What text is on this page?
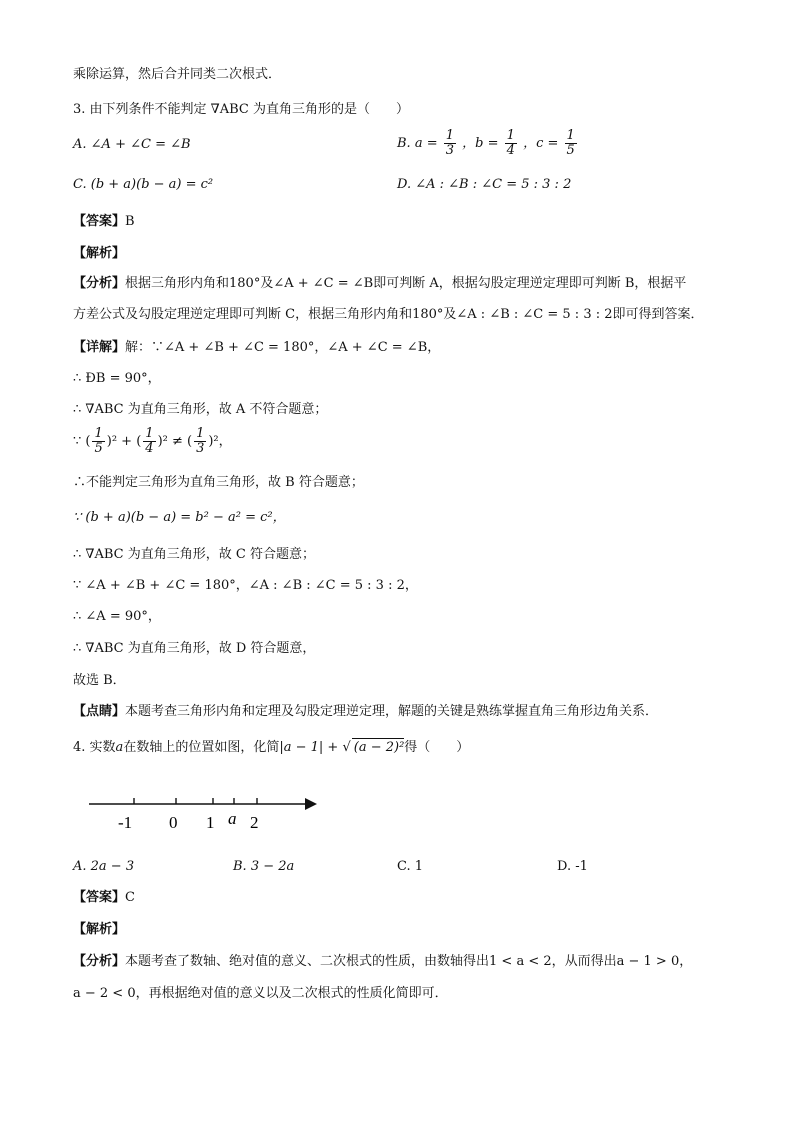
乘除运算，然后合并同类二次根式．
3. 由下列条件不能判定 ∇ABC 为直角三角形的是（　　）
A. ∠A + ∠C = ∠B	B. $a = \frac{1}{3}$ ，$b = \frac{1}{4}$ ，$c = \frac{1}{5}$
C. (b + a)(b − a) = c²	D. ∠A : ∠B : ∠C = 5 : 3 : 2
【答案】B
【解析】
【分析】根据三角形内角和180°及∠A + ∠C = ∠B即可判断 A，根据勾股定理逆定理即可判断 B，根据平
方差公式及勾股定理逆定理即可判断 C，根据三角形内角和180°及∠A : ∠B : ∠C = 5 : 3 : 2即可得到答案．
【详解】解：∵∠A + ∠B + ∠C = 180°，∠A + ∠C = ∠B，
∴ ÐB = 90°，
∴ ∇ABC 为直角三角形，故 A 不符合题意；
∵ ( $\frac{1}{5} )^2$ + ( $\frac{1}{4} )^2$ ≠ ( $\frac{1}{3} )^2$，
∴不能判定三角形为直角三角形，故 B 符合题意；
∵ (b + a)(b − a) = b² − a² = c²，
∴ ∇ABC 为直角三角形，故 C 符合题意；
∵ ∠A + ∠B + ∠C = 180°，∠A : ∠B : ∠C = 5 : 3 : 2，
∴ ∠A = 90°，
∴ ∇ABC 为直角三角形，故 D 符合题意，
故选 B．
【点睛】本题考查三角形内角和定理及勾股定理逆定理，解题的关键是熟练掌握直角三角形边角关系．
4. 实数a在数轴上的位置如图，化简|a − 1| + √ (a − 2)²得（　　）
-1 0 1 a 2
A. 2a − 3	B. 3 − 2a	C. 1	D. -1
【答案】C
【解析】
【分析】本题考查了数轴、绝对值的意义、二次根式的性质，由数轴得出1 < a < 2，从而得出a − 1 > 0，
a − 2 < 0，再根据绝对值的意义以及二次根式的性质化简即可．
